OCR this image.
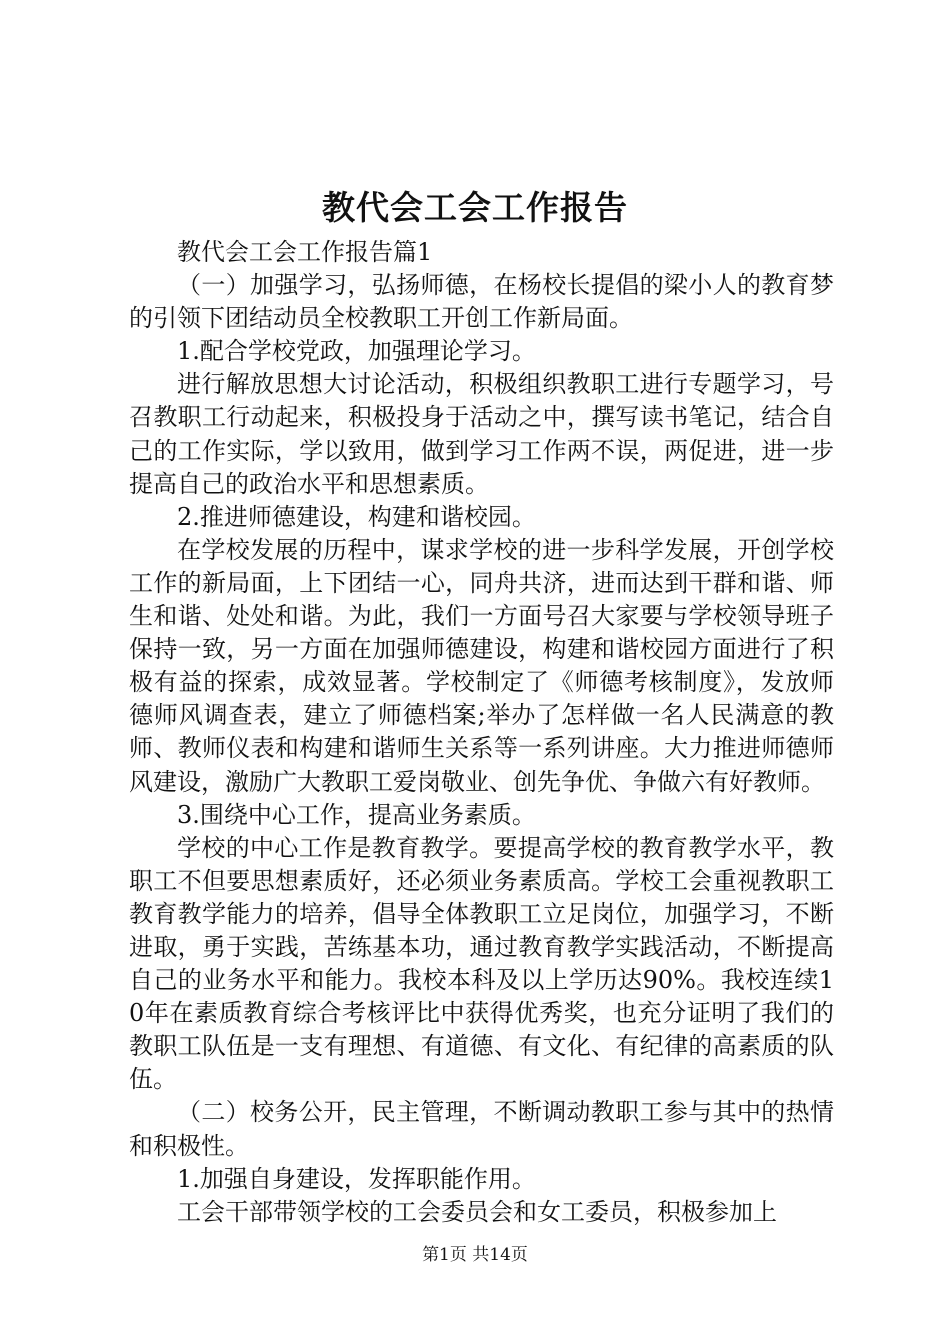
教代会工会工作报告

教代会工会工作报告篇1

（一）加强学习，弘扬师德，在杨校长提倡的梁小人的教育梦的引领下团结动员全校教职工开创工作新局面。

1.配合学校党政，加强理论学习。

进行解放思想大讨论活动，积极组织教职工进行专题学习，号召教职工行动起来，积极投身于活动之中，撰写读书笔记，结合自己的工作实际，学以致用，做到学习工作两不误，两促进，进一步提高自己的政治水平和思想素质。

2.推进师德建设，构建和谐校园。

在学校发展的历程中，谋求学校的进一步科学发展，开创学校工作的新局面，上下团结一心，同舟共济，进而达到干群和谐、师生和谐、处处和谐。为此，我们一方面号召大家要与学校领导班子保持一致，另一方面在加强师德建设，构建和谐校园方面进行了积极有益的探索，成效显著。学校制定了《师德考核制度》，发放师德师风调查表，建立了师德档案;举办了怎样做一名人民满意的教师、教师仪表和构建和谐师生关系等一系列讲座。大力推进师德师风建设，激励广大教职工爱岗敬业、创先争优、争做六有好教师。

3.围绕中心工作，提高业务素质。

学校的中心工作是教育教学。要提高学校的教育教学水平，教职工不但要思想素质好，还必须业务素质高。学校工会重视教职工教育教学能力的培养，倡导全体教职工立足岗位，加强学习，不断进取，勇于实践，苦练基本功，通过教育教学实践活动，不断提高自己的业务水平和能力。我校本科及以上学历达90%。我校连续10年在素质教育综合考核评比中获得优秀奖，也充分证明了我们的教职工队伍是一支有理想、有道德、有文化、有纪律的高素质的队伍。

（二）校务公开，民主管理，不断调动教职工参与其中的热情和积极性。

1.加强自身建设，发挥职能作用。

工会干部带领学校的工会委员会和女工委员，积极参加上

第1页 共14页
